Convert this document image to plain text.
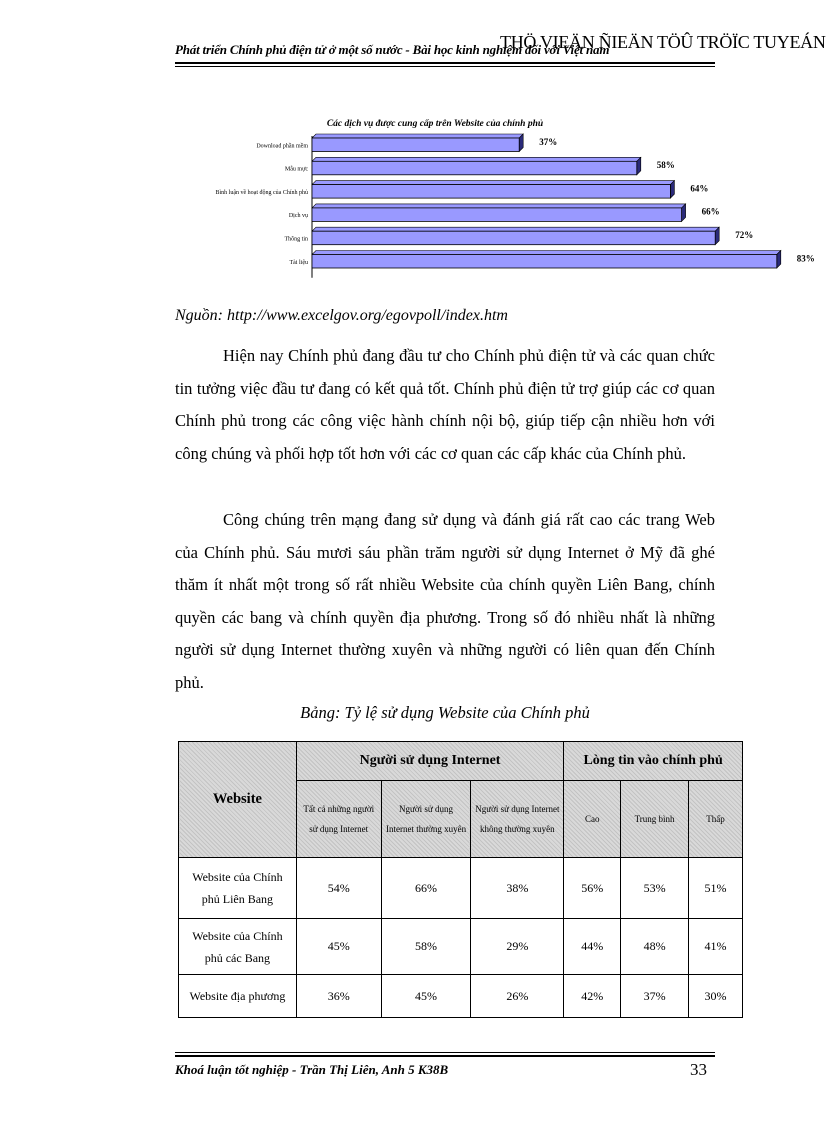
Phát triển Chính phủ điện tử ở một số nước - Bài học kinh nghiệm đối với Việt nam
THÖ VIEÄN ÑIEÄN TÖÛ TRÖÏC TUYEÁN
Các dịch vụ được cung cấp trên Website của chính phủ
Download phần mềm	37%
Mẫu mực	58%
Bình luận về hoạt động của Chính phủ	64%
Dịch vụ	66%
Thông tin	72%
Tài liệu	83%
Nguồn: http://www.excelgov.org/egovpoll/index.htm
Hiện nay Chính phủ đang đầu tư cho Chính phủ điện tử và các quan chức tin tưởng việc đầu tư đang có kết quả tốt. Chính phủ điện tử trợ giúp các cơ quan Chính phủ trong các công việc hành chính nội bộ, giúp tiếp cận nhiều hơn với công chúng và phối hợp tốt hơn với các cơ quan các cấp khác của Chính phủ.
Công chúng trên mạng đang sử dụng và đánh giá rất cao các trang Web của Chính phủ. Sáu mươi sáu phần trăm người sử dụng Internet ở Mỹ đã ghé thăm ít nhất một trong số rất nhiều Website của chính quyền Liên Bang, chính quyền các bang và chính quyền địa phương. Trong số đó nhiều nhất là những người sử dụng Internet thường xuyên và những người có liên quan đến Chính phủ.
Bảng: Tỷ lệ sử dụng Website của Chính phủ
Website	Người sử dụng Internet			Lòng tin vào chính phủ		
	Tất cả những người sử dụng Internet	Người sử dụng Internet thường xuyên	Người sử dụng Internet không thường xuyên	Cao	Trung bình	Thấp
Website của Chính phủ Liên Bang	54%	66%	38%	56%	53%	51%
Website của Chính phủ các Bang	45%	58%	29%	44%	48%	41%
Website địa phương	36%	45%	26%	42%	37%	30%
Khoá luận tốt nghiệp - Trần Thị Liên, Anh 5 K38B	33
